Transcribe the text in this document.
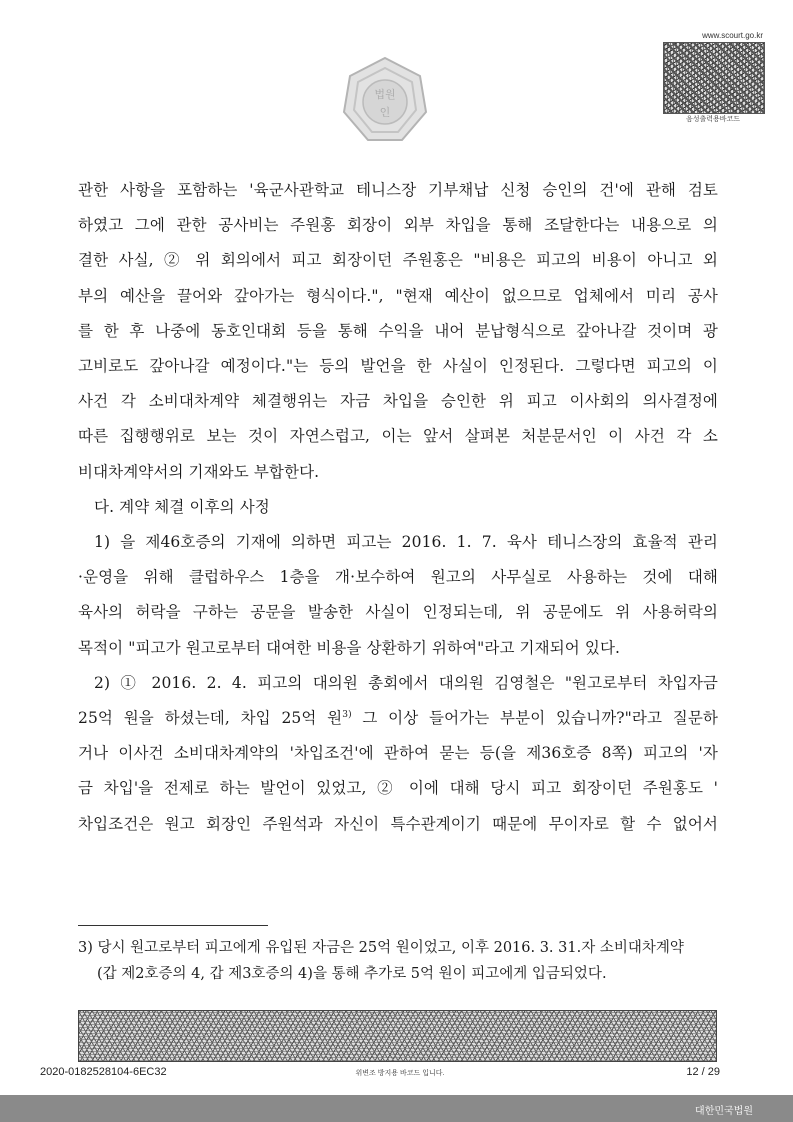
www.scourt.go.kr
음성출력용바코드
법원
인

관한 사항을 포함하는 '육군사관학교 테니스장 기부채납 신청 승인의 건'에 관해 검토

하였고 그에 관한 공사비는 주원홍 회장이 외부 차입을 통해 조달한다는 내용으로 의

결한 사실, ② 위 회의에서 피고 회장이던 주원홍은 "비용은 피고의 비용이 아니고 외

부의 예산을 끌어와 갚아가는 형식이다.", "현재 예산이 없으므로 업체에서 미리 공사

를 한 후 나중에 동호인대회 등을 통해 수익을 내어 분납형식으로 갚아나갈 것이며 광

고비로도 갚아나갈 예정이다."는 등의 발언을 한 사실이 인정된다. 그렇다면 피고의 이

사건 각 소비대차계약 체결행위는 자금 차입을 승인한 위 피고 이사회의 의사결정에

따른 집행행위로 보는 것이 자연스럽고, 이는 앞서 살펴본 처분문서인 이 사건 각 소

비대차계약서의 기재와도 부합한다.

다. 계약 체결 이후의 사정

1) 을 제46호증의 기재에 의하면 피고는 2016. 1. 7. 육사 테니스장의 효율적 관리

·운영을 위해 클럽하우스 1층을 개·보수하여 원고의 사무실로 사용하는 것에 대해

육사의 허락을 구하는 공문을 발송한 사실이 인정되는데, 위 공문에도 위 사용허락의

목적이 "피고가 원고로부터 대여한 비용을 상환하기 위하여"라고 기재되어 있다.

2) ① 2016. 2. 4. 피고의 대의원 총회에서 대의원 김영철은 "원고로부터 차입자금

25억 원을 하셨는데, 차입 25억 원$^{3)}$ 그 이상 들어가는 부분이 있습니까?"라고 질문하

거나 이사건 소비대차계약의 '차입조건'에 관하여 묻는 등(을 제36호증 8쪽) 피고의 '자

금 차입'을 전제로 하는 발언이 있었고, ② 이에 대해 당시 피고 회장이던 주원홍도 '

차입조건은 원고 회장인 주원석과 자신이 특수관계이기 때문에 무이자로 할 수 없어서

3) 당시 원고로부터 피고에게 유입된 자금은 25억 원이었고, 이후 2016. 3. 31.자 소비대차계약

(갑 제2호증의 4, 갑 제3호증의 4)을 통해 추가로 5억 원이 피고에게 입금되었다.

2020-0182528104-6EC32	위변조 방지용 바코드 입니다.	12 / 29
대한민국법원
